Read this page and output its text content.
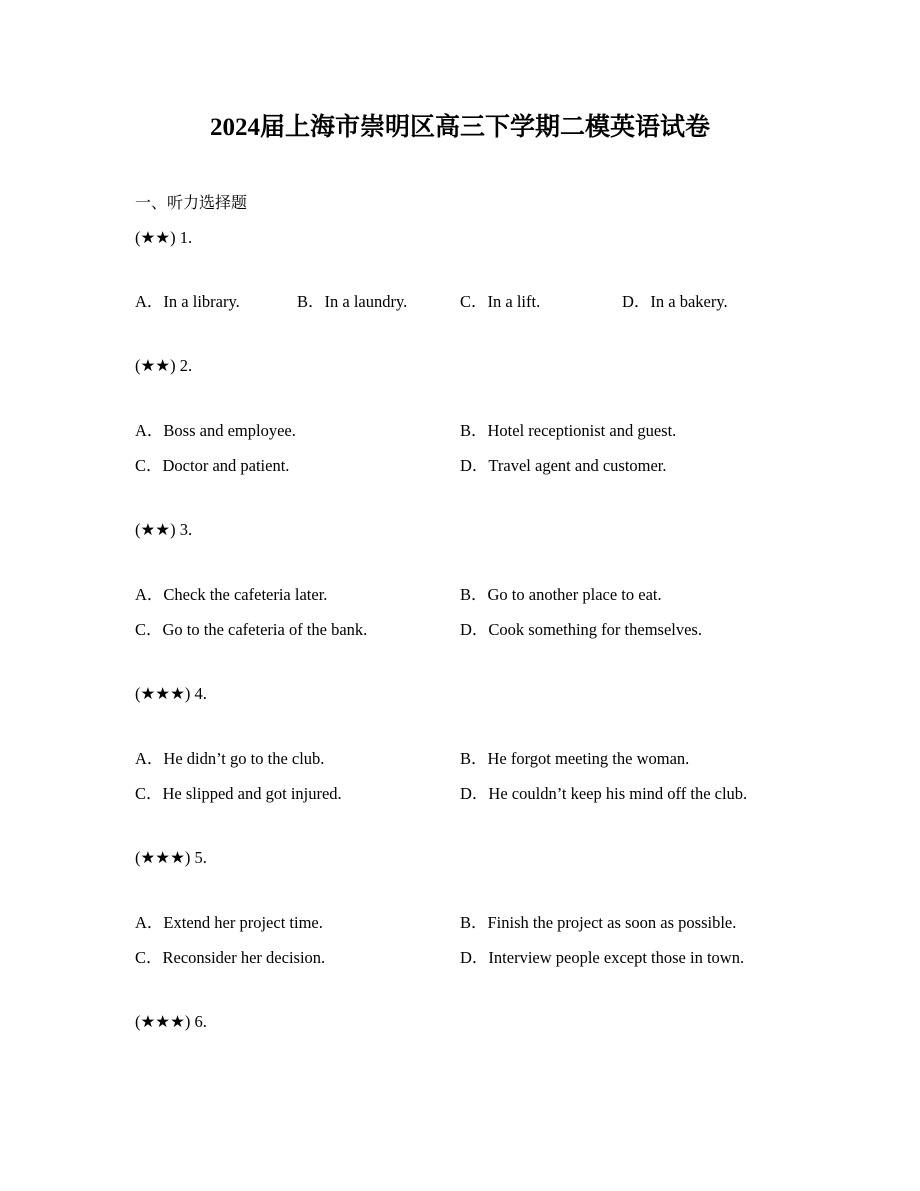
2024届上海市崇明区高三下学期二模英语试卷
一、听力选择题
(★★) 1.
A．In a library.	B．In a laundry.	C．In a lift.	D．In a bakery.
(★★) 2.
A．Boss and employee.	B．Hotel receptionist and guest.
C．Doctor and patient.	D．Travel agent and customer.
(★★) 3.
A．Check the cafeteria later.	B．Go to another place to eat.
C．Go to the cafeteria of the bank.	D．Cook something for themselves.
(★★★) 4.
A．He didn’t go to the club.	B．He forgot meeting the woman.
C．He slipped and got injured.	D．He couldn’t keep his mind off the club.
(★★★) 5.
A．Extend her project time.	B．Finish the project as soon as possible.
C．Reconsider her decision.	D．Interview people except those in town.
(★★★) 6.
